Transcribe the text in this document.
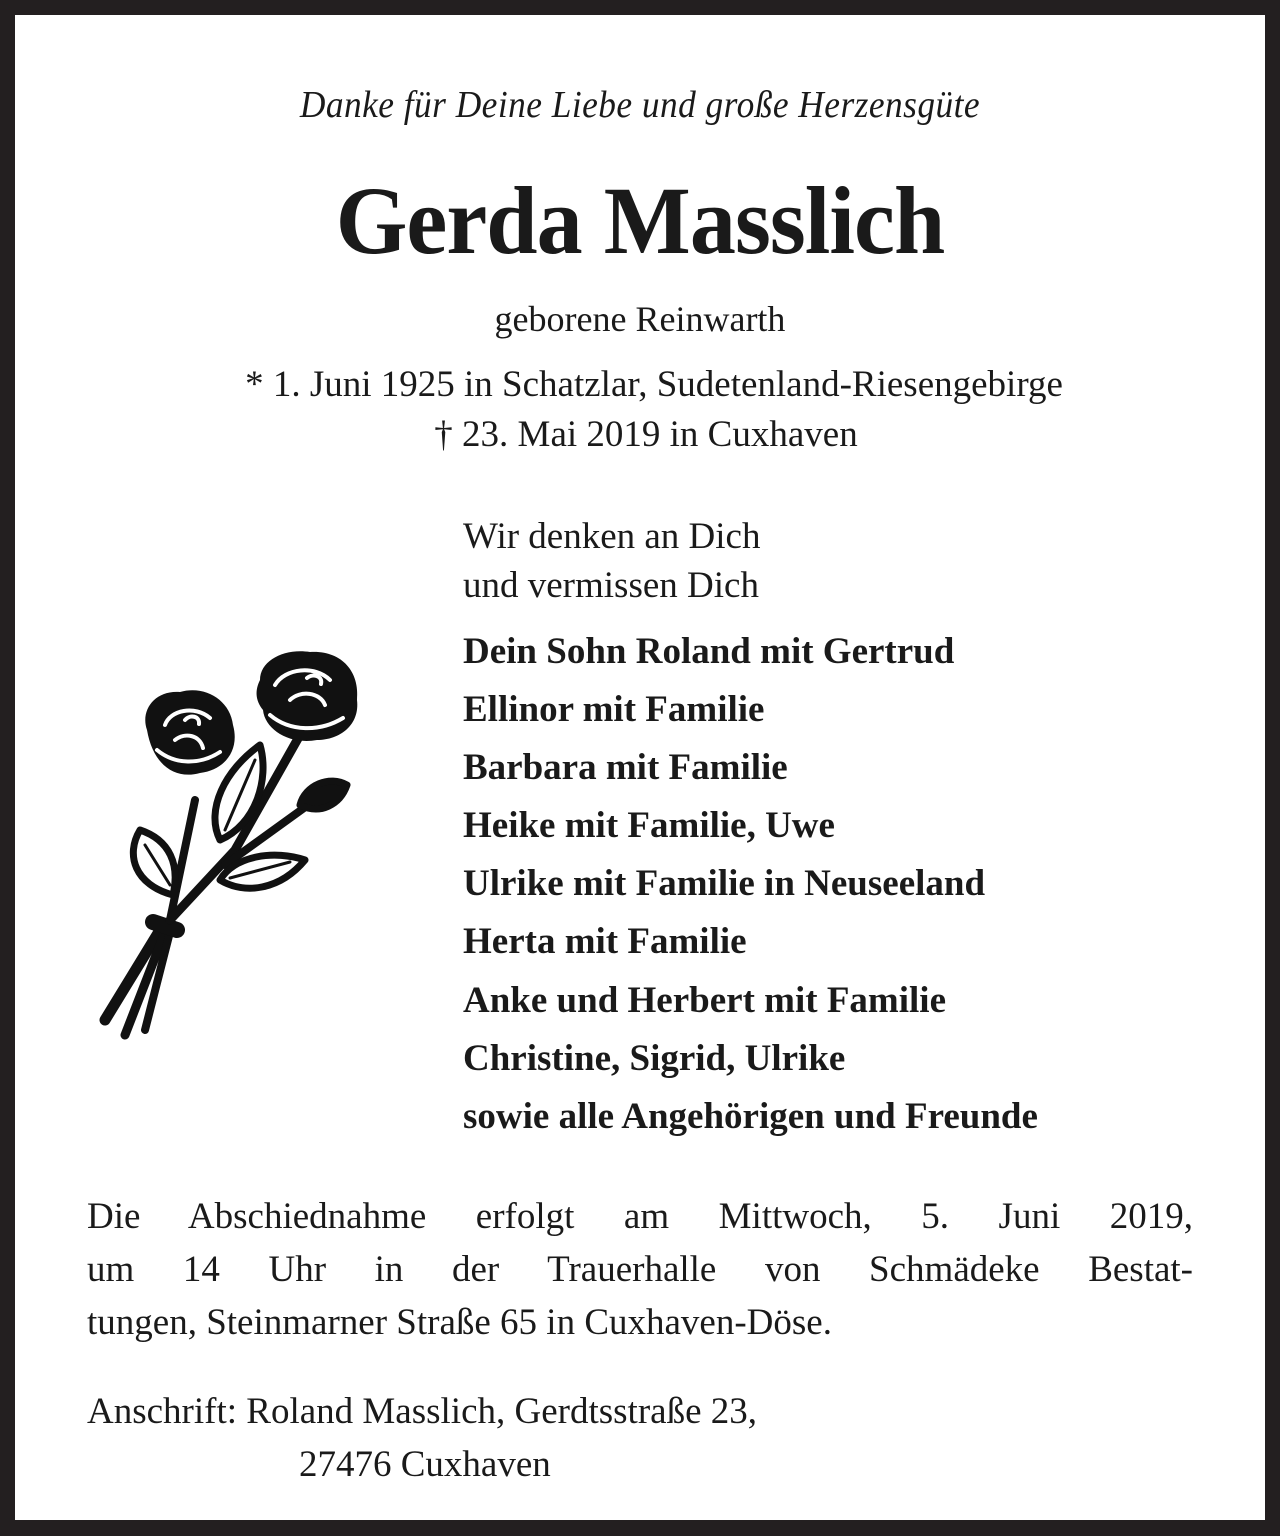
Danke für Deine Liebe und große Herzensgüte
Gerda Masslich
geborene Reinwarth
* 1. Juni 1925 in Schatzlar, Sudetenland-Riesengebirge
† 23. Mai 2019 in Cuxhaven
Wir denken an Dich
und vermissen Dich
Dein Sohn Roland mit Gertrud
Ellinor mit Familie
Barbara mit Familie
Heike mit Familie, Uwe
Ulrike mit Familie in Neuseeland
Herta mit Familie
Anke und Herbert mit Familie
Christine, Sigrid, Ulrike
sowie alle Angehörigen und Freunde
Die Abschiednahme erfolgt am Mittwoch, 5. Juni 2019,
um 14 Uhr in der Trauerhalle von Schmädeke Bestat-
tungen, Steinmarner Straße 65 in Cuxhaven-Döse.
Anschrift: Roland Masslich, Gerdtsstraße 23,
27476 Cuxhaven
